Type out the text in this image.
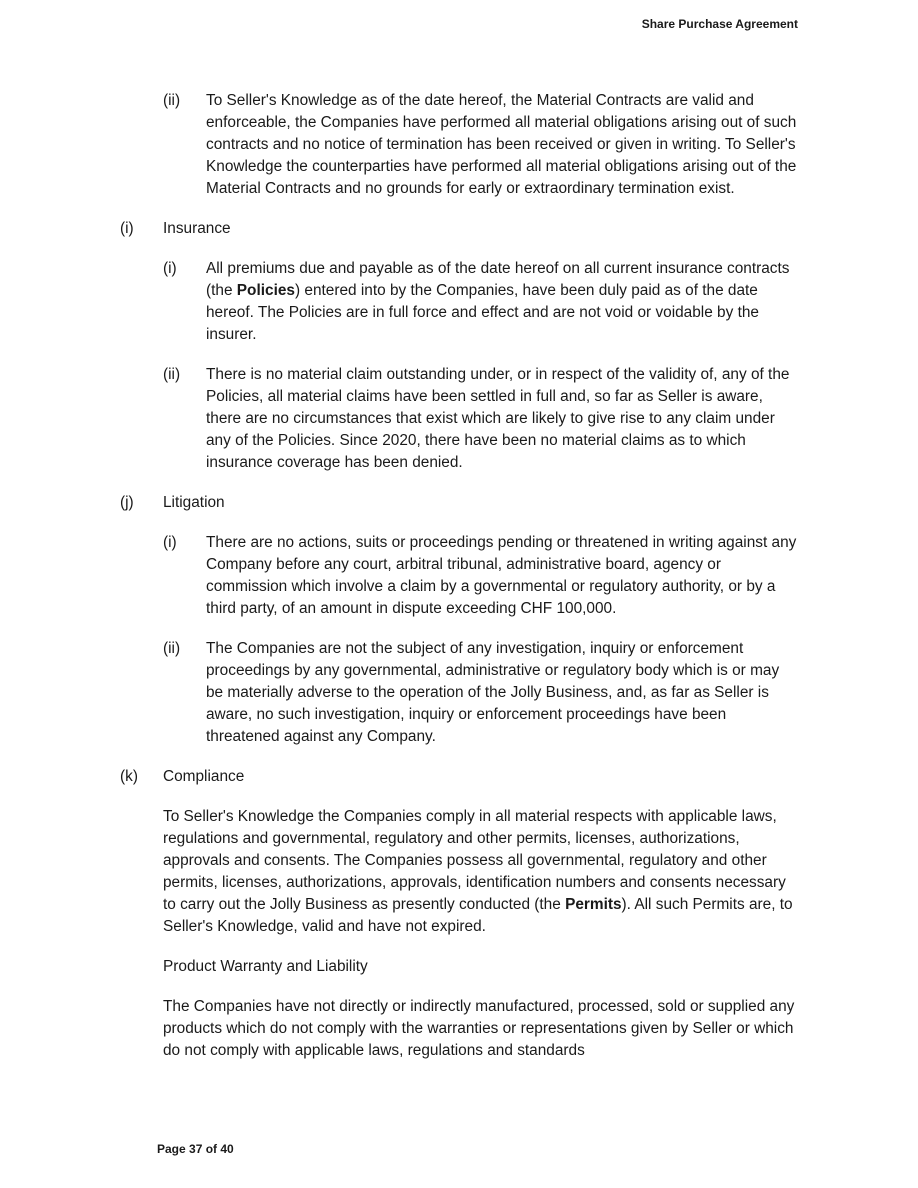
Share Purchase Agreement
(ii) To Seller's Knowledge as of the date hereof, the Material Contracts are valid and enforceable, the Companies have performed all material obligations arising out of such contracts and no notice of termination has been received or given in writing. To Seller's Knowledge the counterparties have performed all material obligations arising out of the Material Contracts and no grounds for early or extraordinary termination exist.
(i) Insurance
(i) All premiums due and payable as of the date hereof on all current insurance contracts (the Policies) entered into by the Companies, have been duly paid as of the date hereof. The Policies are in full force and effect and are not void or voidable by the insurer.
(ii) There is no material claim outstanding under, or in respect of the validity of, any of the Policies, all material claims have been settled in full and, so far as Seller is aware, there are no circumstances that exist which are likely to give rise to any claim under any of the Policies. Since 2020, there have been no material claims as to which insurance coverage has been denied.
(j) Litigation
(i) There are no actions, suits or proceedings pending or threatened in writing against any Company before any court, arbitral tribunal, administrative board, agency or commission which involve a claim by a governmental or regulatory authority, or by a third party, of an amount in dispute exceeding CHF 100,000.
(ii) The Companies are not the subject of any investigation, inquiry or enforcement proceedings by any governmental, administrative or regulatory body which is or may be materially adverse to the operation of the Jolly Business, and, as far as Seller is aware, no such investigation, inquiry or enforcement proceedings have been threatened against any Company.
(k) Compliance
To Seller's Knowledge the Companies comply in all material respects with applicable laws, regulations and governmental, regulatory and other permits, licenses, authorizations, approvals and consents. The Companies possess all governmental, regulatory and other permits, licenses, authorizations, approvals, identification numbers and consents necessary to carry out the Jolly Business as presently conducted (the Permits). All such Permits are, to Seller's Knowledge, valid and have not expired.
Product Warranty and Liability
The Companies have not directly or indirectly manufactured, processed, sold or supplied any products which do not comply with the warranties or representations given by Seller or which do not comply with applicable laws, regulations and standards
Page 37 of 40
